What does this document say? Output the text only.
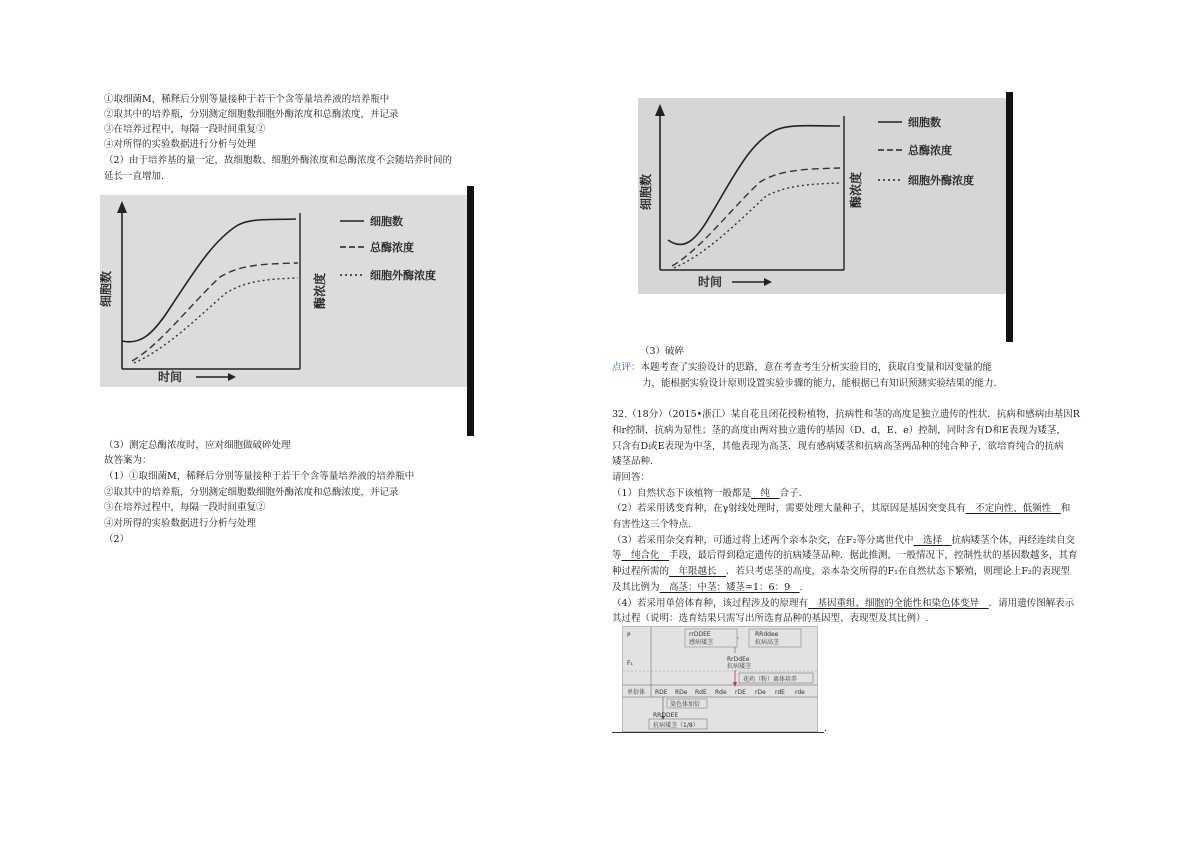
①取细菌M，稀释后分别等量接种于若干个含等量培养液的培养瓶中
②取其中的培养瓶，分别测定细胞数细胞外酶浓度和总酶浓度，并记录
③在培养过程中，每隔一段时间重复②
④对所得的实验数据进行分析与处理
（2）由于培养基的量一定，故细胞数、细胞外酶浓度和总酶浓度不会随培养时间的
延长一直增加.
细胞数	酶浓度
时间
细胞数
总酶浓度
细胞外酶浓度
（3）测定总酶浓度时，应对细胞做破碎处理
故答案为：
（1）①取细菌M，稀释后分别等量接种于若干个含等量培养液的培养瓶中
②取其中的培养瓶，分别测定细胞数细胞外酶浓度和总酶浓度，并记录
③在培养过程中，每隔一段时间重复②
④对所得的实验数据进行分析与处理
（2）
细胞数	酶浓度
时间
细胞数
总酶浓度
细胞外酶浓度
（3）破碎
点评：本题考查了实验设计的思路，意在考查考生分析实验目的，获取自变量和因变量的能
力，能根据实验设计原则设置实验步骤的能力，能根据已有知识预测实验结果的能力.
32.（18分）（2015•浙江）某自花且闭花授粉植物，抗病性和茎的高度是独立遗传的性状．抗病和感病由基因R
和r控制，抗病为显性；茎的高度由两对独立遗传的基因（D、d，E、e）控制，同时含有D和E表现为矮茎，
只含有D或E表现为中茎，其他表现为高茎．现有感病矮茎和抗病高茎两品种的纯合种子，欲培育纯合的抗病
矮茎品种.
请回答：
（1）自然状态下该植物一般都是　纯　合子.
（2）若采用诱变育种，在γ射线处理时，需要处理大量种子，其原因是基因突变具有　不定向性、低频性　和
有害性这三个特点.
（3）若采用杂交育种，可通过将上述两个亲本杂交，在F₂等分离世代中　选择　抗病矮茎个体，再经连续自交
等　纯合化　手段，最后得到稳定遗传的抗病矮茎品种．据此推测，一般情况下，控制性状的基因数越多，其育
种过程所需的　年限越长　．若只考虑茎的高度，亲本杂交所得的F₁在自然状态下繁殖，则理论上F₂的表现型
及其比例为　高茎：中茎：矮茎=1：6：9　.
（4）若采用单倍体育种，该过程涉及的原理有　基因重组、细胞的全能性和染色体变异　．请用遗传图解表示
其过程（说明：选育结果只需写出所选育品种的基因型、表现型及其比例）.
P
F₁
单倍体
rrDDEE
感病矮茎
RRddee
抗病高茎
RrDdEe
抗病矮茎
花药（粉）离体培养
RDE RDe RdE Rde rDE rDe rdE rde
染色体加倍
RRDDEE
抗病矮茎（1/8）	.
